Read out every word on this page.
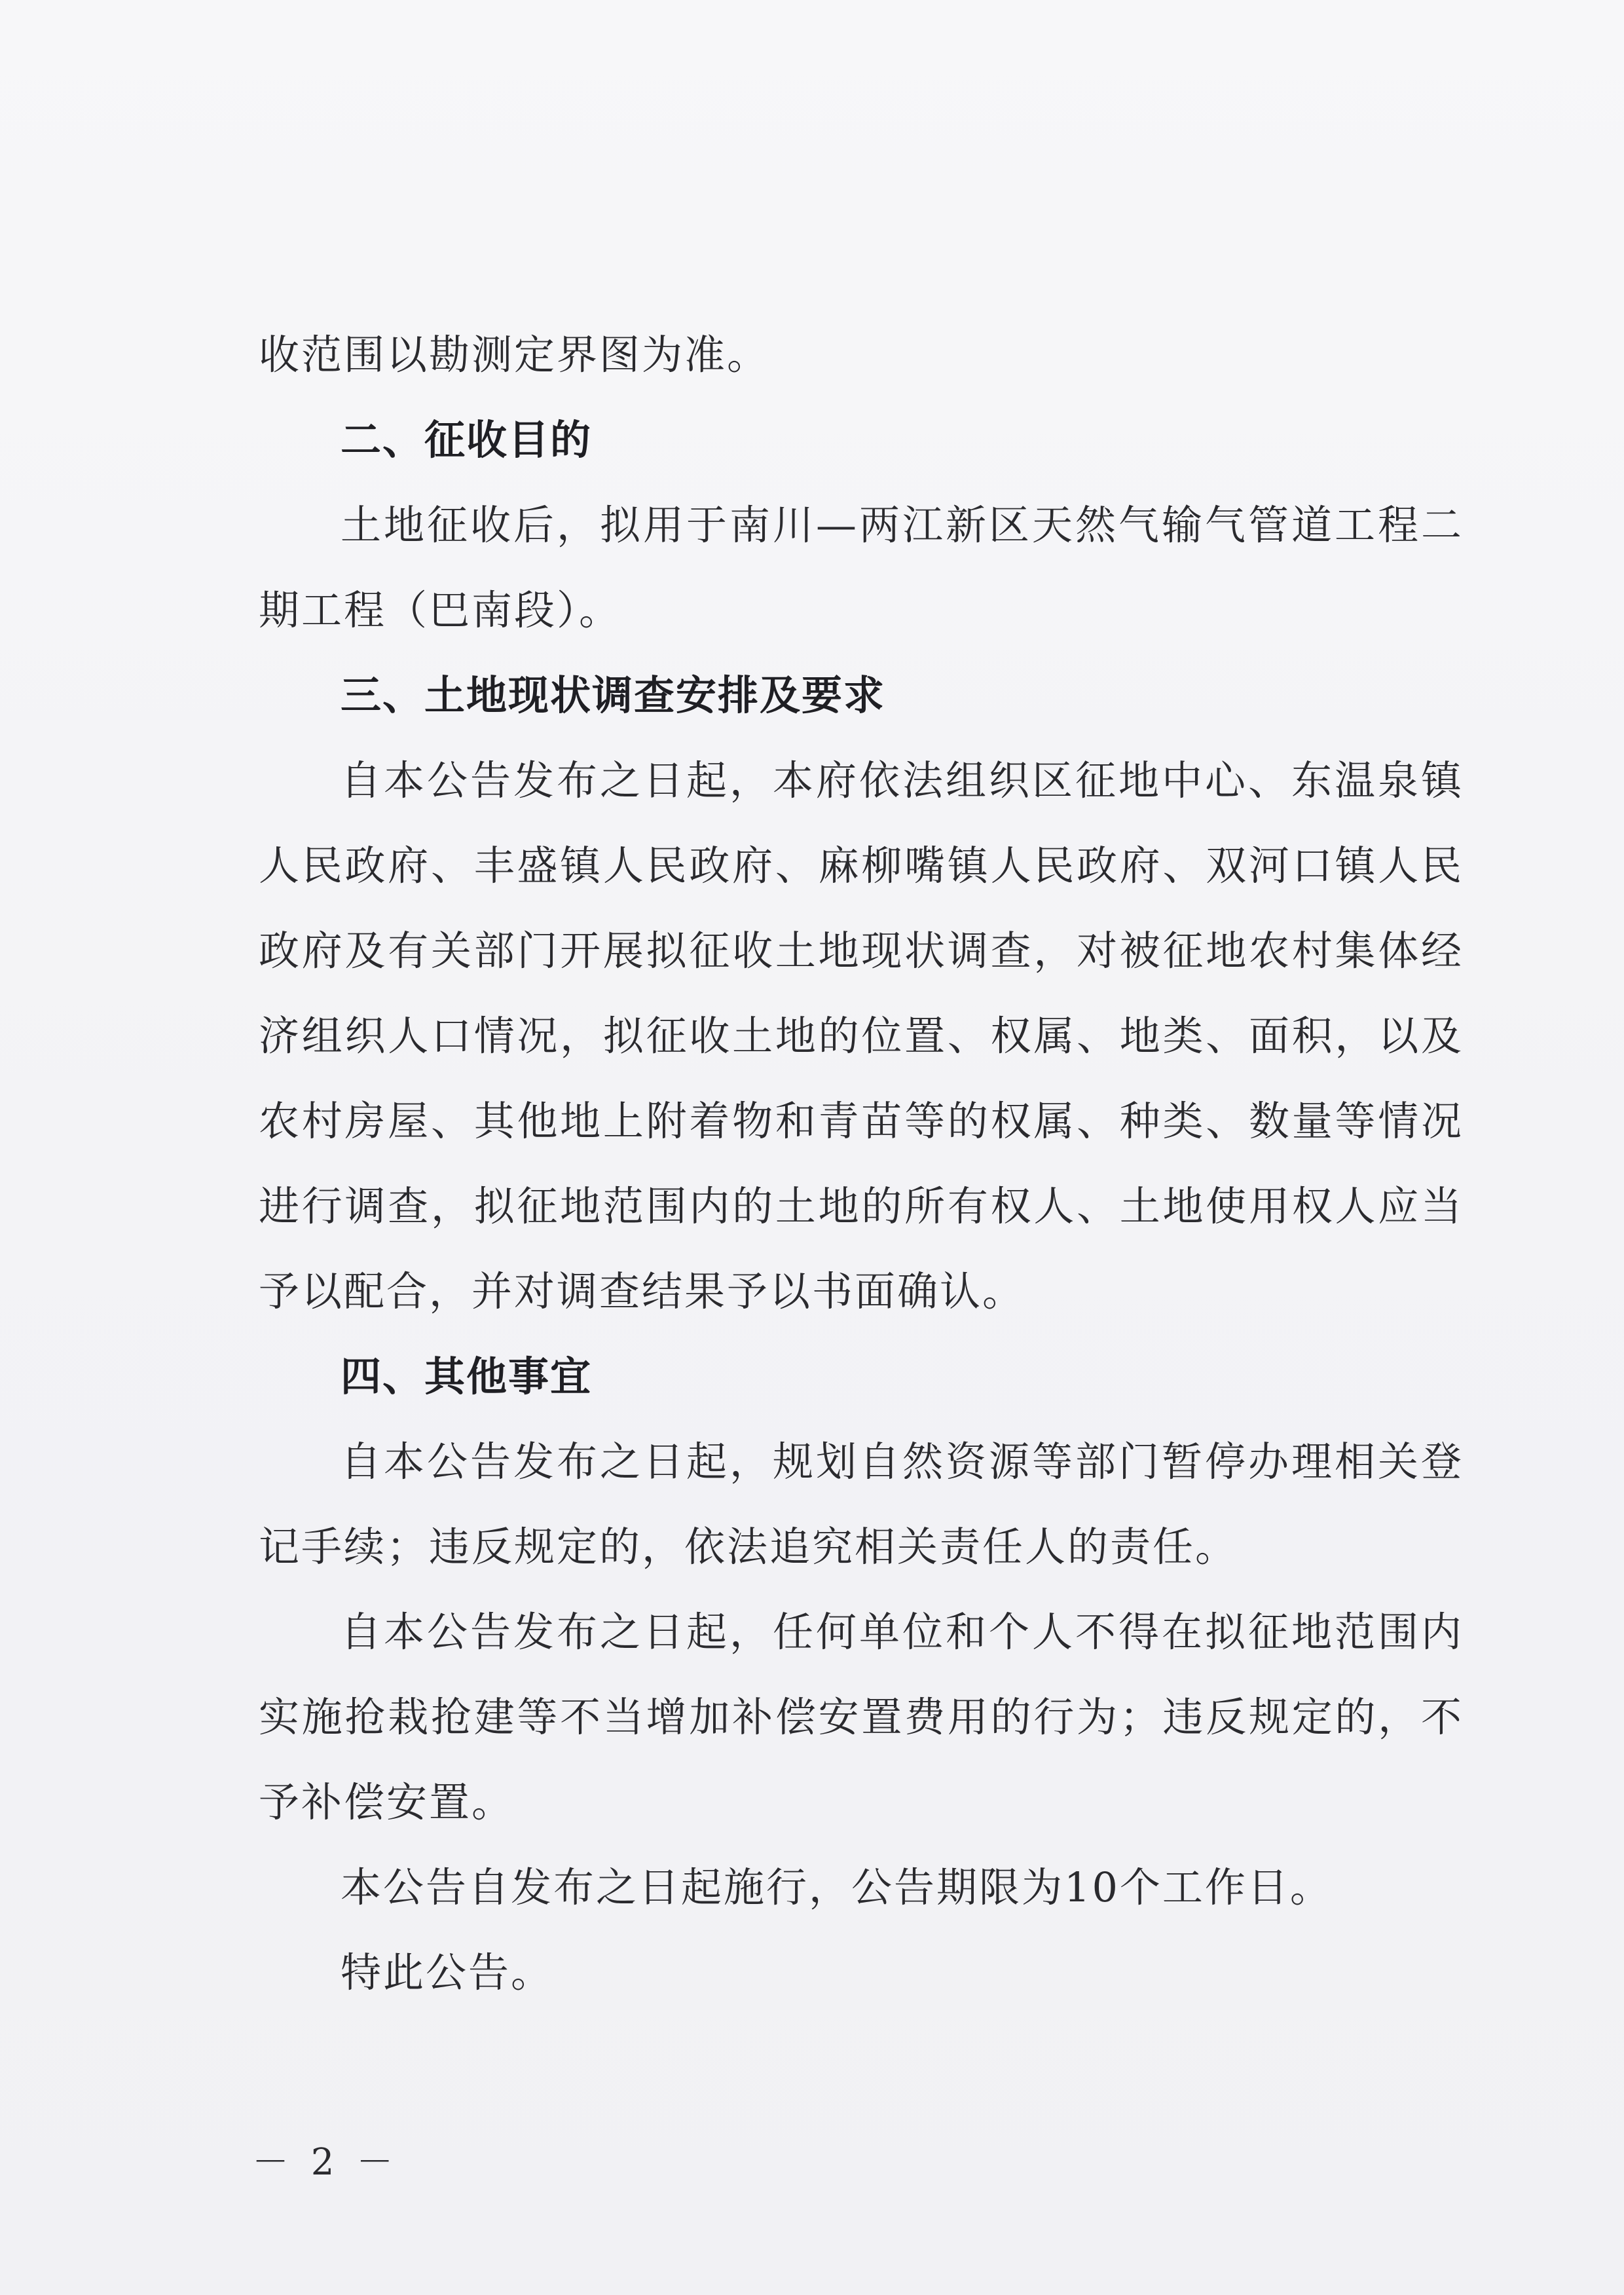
收范围以勘测定界图为准。
二、征收目的
土地征收后，拟用于南川—两江新区天然气输气管道工程二
期工程（巴南段）。
三、土地现状调查安排及要求
自本公告发布之日起，本府依法组织区征地中心、东温泉镇
人民政府、丰盛镇人民政府、麻柳嘴镇人民政府、双河口镇人民
政府及有关部门开展拟征收土地现状调查，对被征地农村集体经
济组织人口情况，拟征收土地的位置、权属、地类、面积，以及
农村房屋、其他地上附着物和青苗等的权属、种类、数量等情况
进行调查，拟征地范围内的土地的所有权人、土地使用权人应当
予以配合，并对调查结果予以书面确认。
四、其他事宜
自本公告发布之日起，规划自然资源等部门暂停办理相关登
记手续；违反规定的，依法追究相关责任人的责任。
自本公告发布之日起，任何单位和个人不得在拟征地范围内
实施抢栽抢建等不当增加补偿安置费用的行为；违反规定的，不
予补偿安置。
本公告自发布之日起施行，公告期限为10个工作日。
特此公告。
－ 2 －
